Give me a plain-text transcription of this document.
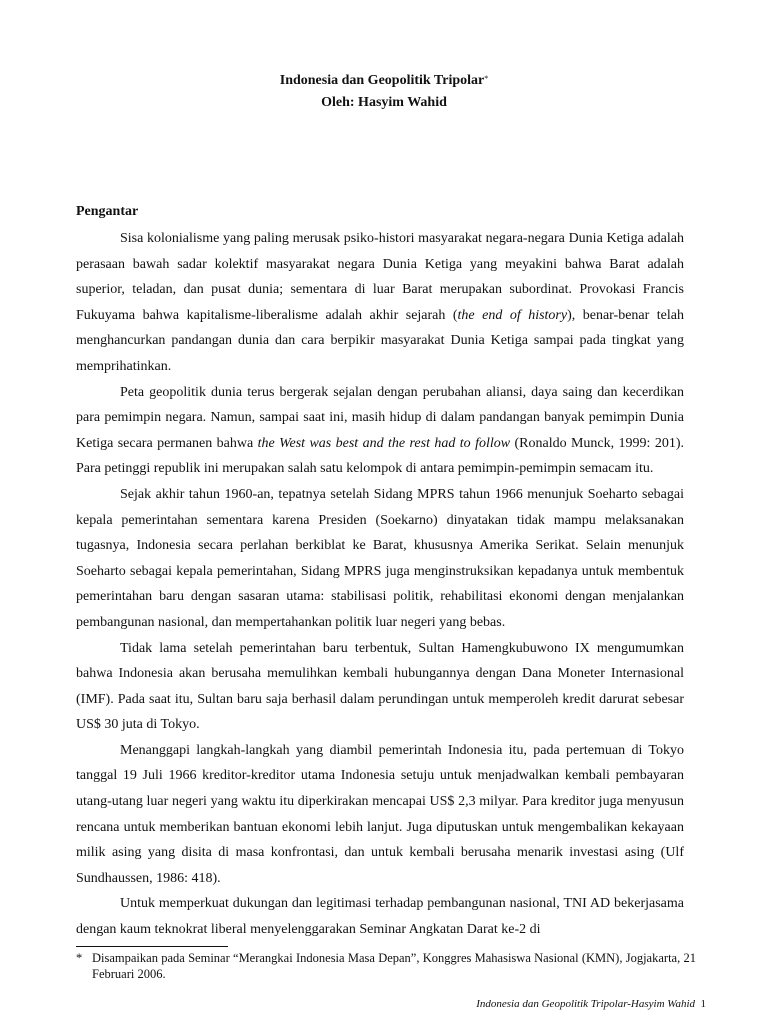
Indonesia dan Geopolitik Tripolar*
Oleh: Hasyim Wahid
Pengantar

Sisa kolonialisme yang paling merusak psiko-histori masyarakat negara-negara Dunia Ketiga adalah perasaan bawah sadar kolektif masyarakat negara Dunia Ketiga yang meyakini bahwa Barat adalah superior, teladan, dan pusat dunia; sementara di luar Barat merupakan subordinat. Provokasi Francis Fukuyama bahwa kapitalisme-liberalisme adalah akhir sejarah (the end of history), benar-benar telah menghancurkan pandangan dunia dan cara berpikir masyarakat Dunia Ketiga sampai pada tingkat yang memprihatinkan.

Peta geopolitik dunia terus bergerak sejalan dengan perubahan aliansi, daya saing dan kecerdikan para pemimpin negara. Namun, sampai saat ini, masih hidup di dalam pandangan banyak pemimpin Dunia Ketiga secara permanen bahwa the West was best and the rest had to follow (Ronaldo Munck, 1999: 201). Para petinggi republik ini merupakan salah satu kelompok di antara pemimpin-pemimpin semacam itu.

Sejak akhir tahun 1960-an, tepatnya setelah Sidang MPRS tahun 1966 menunjuk Soeharto sebagai kepala pemerintahan sementara karena Presiden (Soekarno) dinyatakan tidak mampu melaksanakan tugasnya, Indonesia secara perlahan berkiblat ke Barat, khususnya Amerika Serikat. Selain menunjuk Soeharto sebagai kepala pemerintahan, Sidang MPRS juga menginstruksikan kepadanya untuk membentuk pemerintahan baru dengan sasaran utama: stabilisasi politik, rehabilitasi ekonomi dengan menjalankan pembangunan nasional, dan mempertahankan politik luar negeri yang bebas.

Tidak lama setelah pemerintahan baru terbentuk, Sultan Hamengkubuwono IX mengumumkan bahwa Indonesia akan berusaha memulihkan kembali hubungannya dengan Dana Moneter Internasional (IMF). Pada saat itu, Sultan baru saja berhasil dalam perundingan untuk memperoleh kredit darurat sebesar US$ 30 juta di Tokyo.

Menanggapi langkah-langkah yang diambil pemerintah Indonesia itu, pada pertemuan di Tokyo tanggal 19 Juli 1966 kreditor-kreditor utama Indonesia setuju untuk menjadwalkan kembali pembayaran utang-utang luar negeri yang waktu itu diperkirakan mencapai US$ 2,3 milyar. Para kreditor juga menyusun rencana untuk memberikan bantuan ekonomi lebih lanjut. Juga diputuskan untuk mengembalikan kekayaan milik asing yang disita di masa konfrontasi, dan untuk kembali berusaha menarik investasi asing (Ulf Sundhaussen, 1986: 418).

Untuk memperkuat dukungan dan legitimasi terhadap pembangunan nasional, TNI AD bekerjasama dengan kaum teknokrat liberal menyelenggarakan Seminar Angkatan Darat ke-2 di

* Disampaikan pada Seminar “Merangkai Indonesia Masa Depan”, Konggres Mahasiswa Nasional (KMN), Jogjakarta, 21 Februari 2006.
Indonesia dan Geopolitik Tripolar-Hasyim Wahid 1
